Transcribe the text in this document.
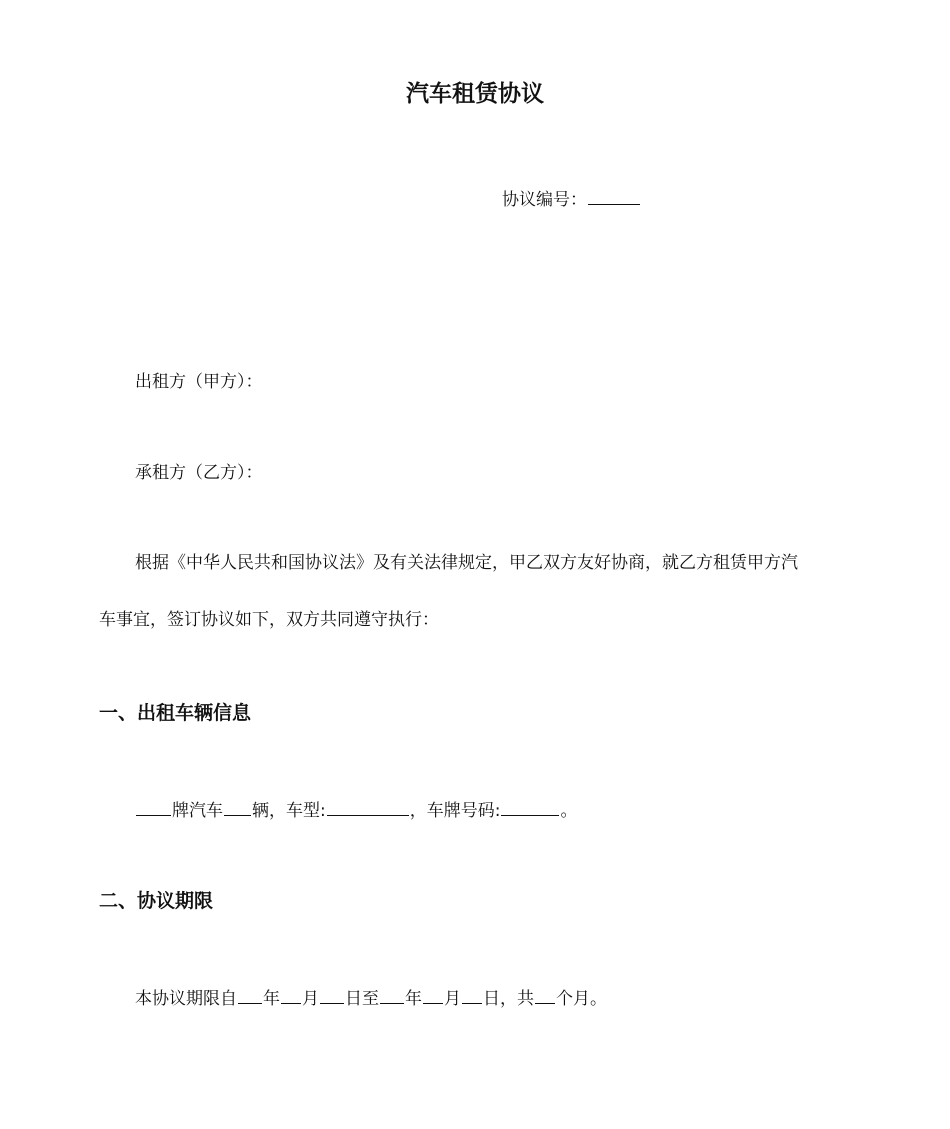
汽车租赁协议
协议编号：
出租方（甲方）：
承租方（乙方）：
根据《中华人民共和国协议法》及有关法律规定，甲乙双方友好协商，就乙方租赁甲方汽
车事宜，签订协议如下，双方共同遵守执行：
一、出租车辆信息
牌汽车 辆，车型:	，车牌号码:	。
二、协议期限
本协议期限自 年 月 日至 年 月 日，共 个月。
